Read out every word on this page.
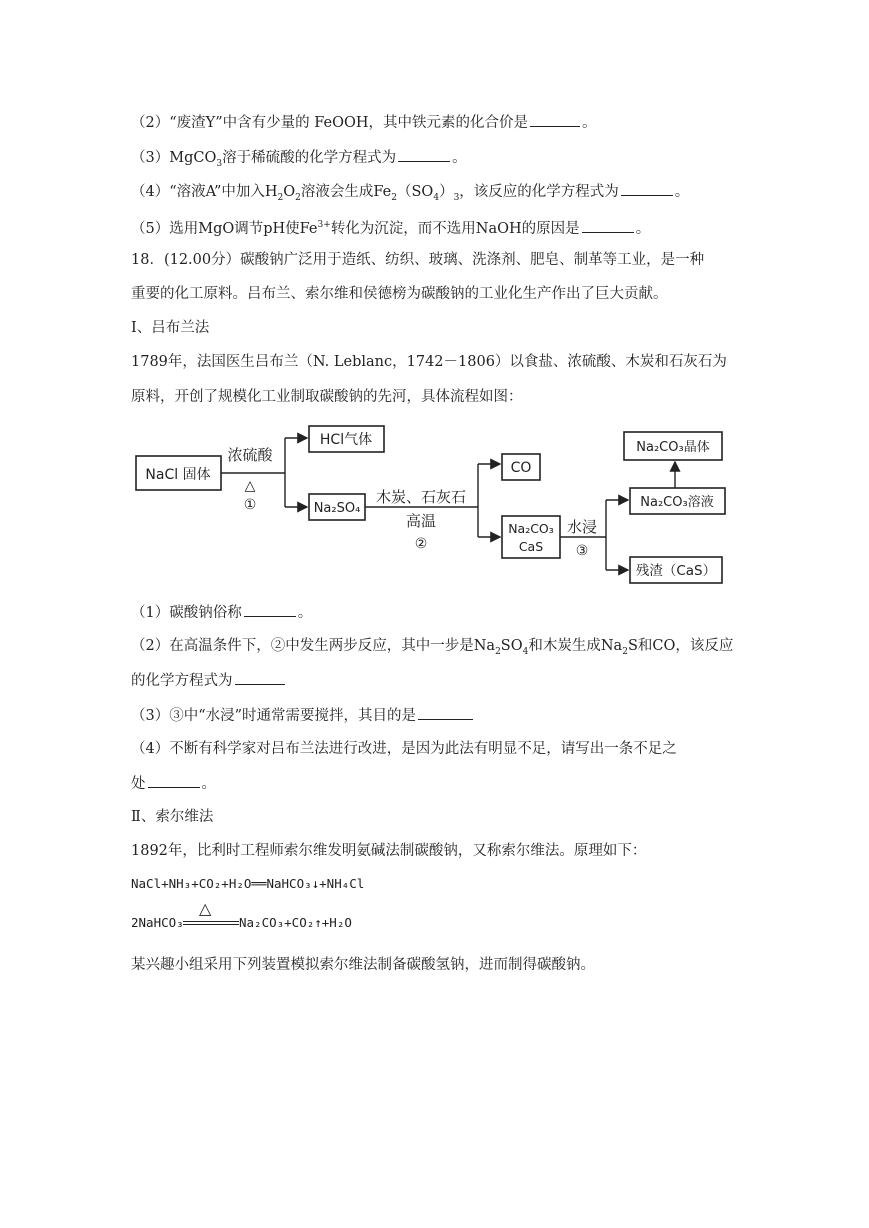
（2）“废渣Y”中含有少量的 FeOOH，其中铁元素的化合价是	。
（3）MgCO$_3$溶于稀硫酸的化学方程式为	。
（4）“溶液A”中加入$H_2O_2$溶液会生成$Fe_2(SO_4)_3$，该反应的化学方程式为	。
（5）选用MgO调节pH使$Fe^{3+}$转化为沉淀，而不选用NaOH的原因是	。
18．(12.00分）碳酸钠广泛用于造纸、纺织、玻璃、洗涤剂、肥皂、制革等工业，是一种
重要的化工原料。吕布兰、索尔维和侯德榜为碳酸钠的工业化生产作出了巨大贡献。
Ⅰ、吕布兰法
1789年，法国医生吕布兰（N. Leblanc，1742－1806）以食盐、浓硫酸、木炭和石灰石为
原料，开创了规模化工业制取碳酸钠的先河，具体流程如图：
NaCl 固体
浓硫酸
△
①
HCl气体
Na₂SO₄
木炭、石灰石
高温
②
CO
Na₂CO₃
CaS
水浸
③
Na₂CO₃溶液
Na₂CO₃晶体
残渣（CaS）
（1）碳酸钠俗称	。
（2）在高温条件下，②中发生两步反应，其中一步是$Na_2SO_4$和木炭生成$Na_2S$和CO，该反应
的化学方程式为
（3）③中“水浸”时通常需要搅拌，其目的是
（4）不断有科学家对吕布兰法进行改进，是因为此法有明显不足，请写出一条不足之
处	。
Ⅱ、索尔维法
1892年，比利时工程师索尔维发明氨碱法制碳酸钠，又称索尔维法。原理如下：
NaCl+NH₃+CO₂+H₂O══NaHCO₃↓+NH₄Cl
2NaHCO₃
△
Na₂CO₃+CO₂↑+H₂O
某兴趣小组采用下列装置模拟索尔维法制备碳酸氢钠，进而制得碳酸钠。
